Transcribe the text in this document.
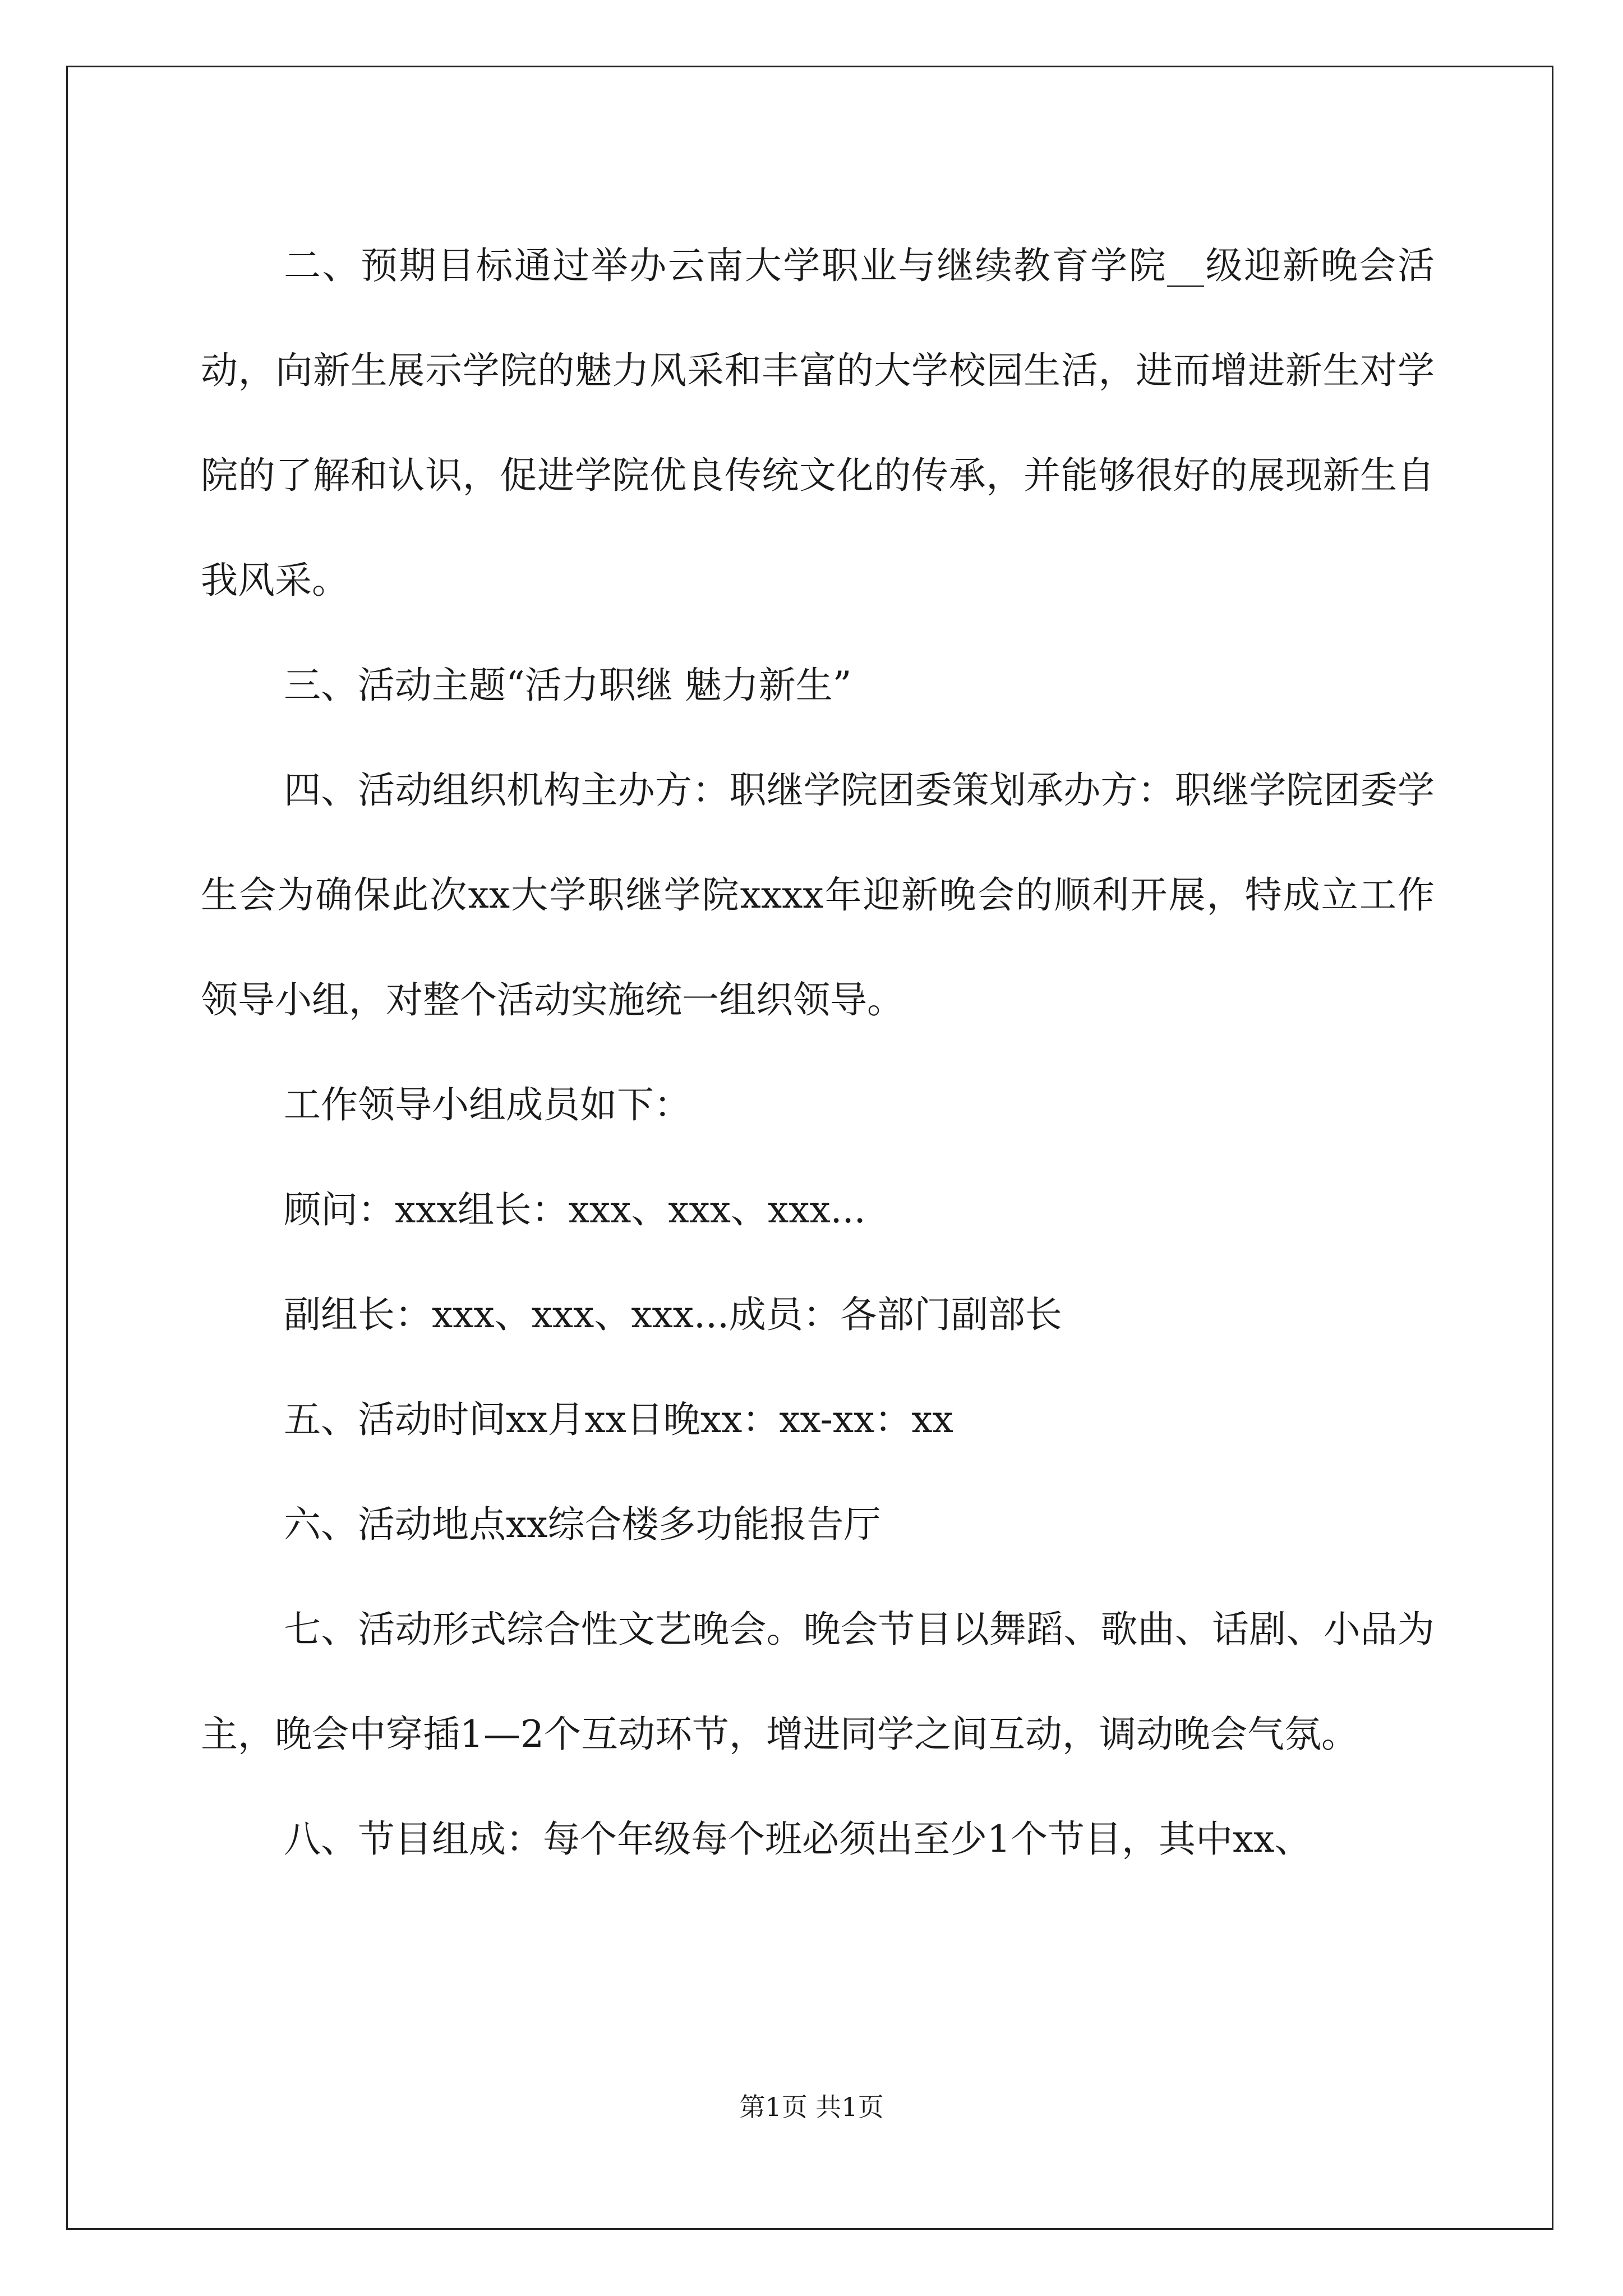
二、预期目标通过举办云南大学职业与继续教育学院__级迎新晚会活动，向新生展示学院的魅力风采和丰富的大学校园生活，进而增进新生对学院的了解和认识，促进学院优良传统文化的传承，并能够很好的展现新生自我风采。

三、活动主题“活力职继 魅力新生”

四、活动组织机构主办方：职继学院团委策划承办方：职继学院团委学生会为确保此次xx大学职继学院xxxx年迎新晚会的顺利开展，特成立工作领导小组，对整个活动实施统一组织领导。

工作领导小组成员如下：

顾问：xxx组长：xxx、xxx、xxx...

副组长：xxx、xxx、xxx...成员：各部门副部长

五、活动时间xx月xx日晚xx：xx-xx：xx

六、活动地点xx综合楼多功能报告厅

七、活动形式综合性文艺晚会。晚会节目以舞蹈、歌曲、话剧、小品为主，晚会中穿插1—2个互动环节，增进同学之间互动，调动晚会气氛。

八、节目组成：每个年级每个班必须出至少1个节目，其中xx、

第1页 共1页
